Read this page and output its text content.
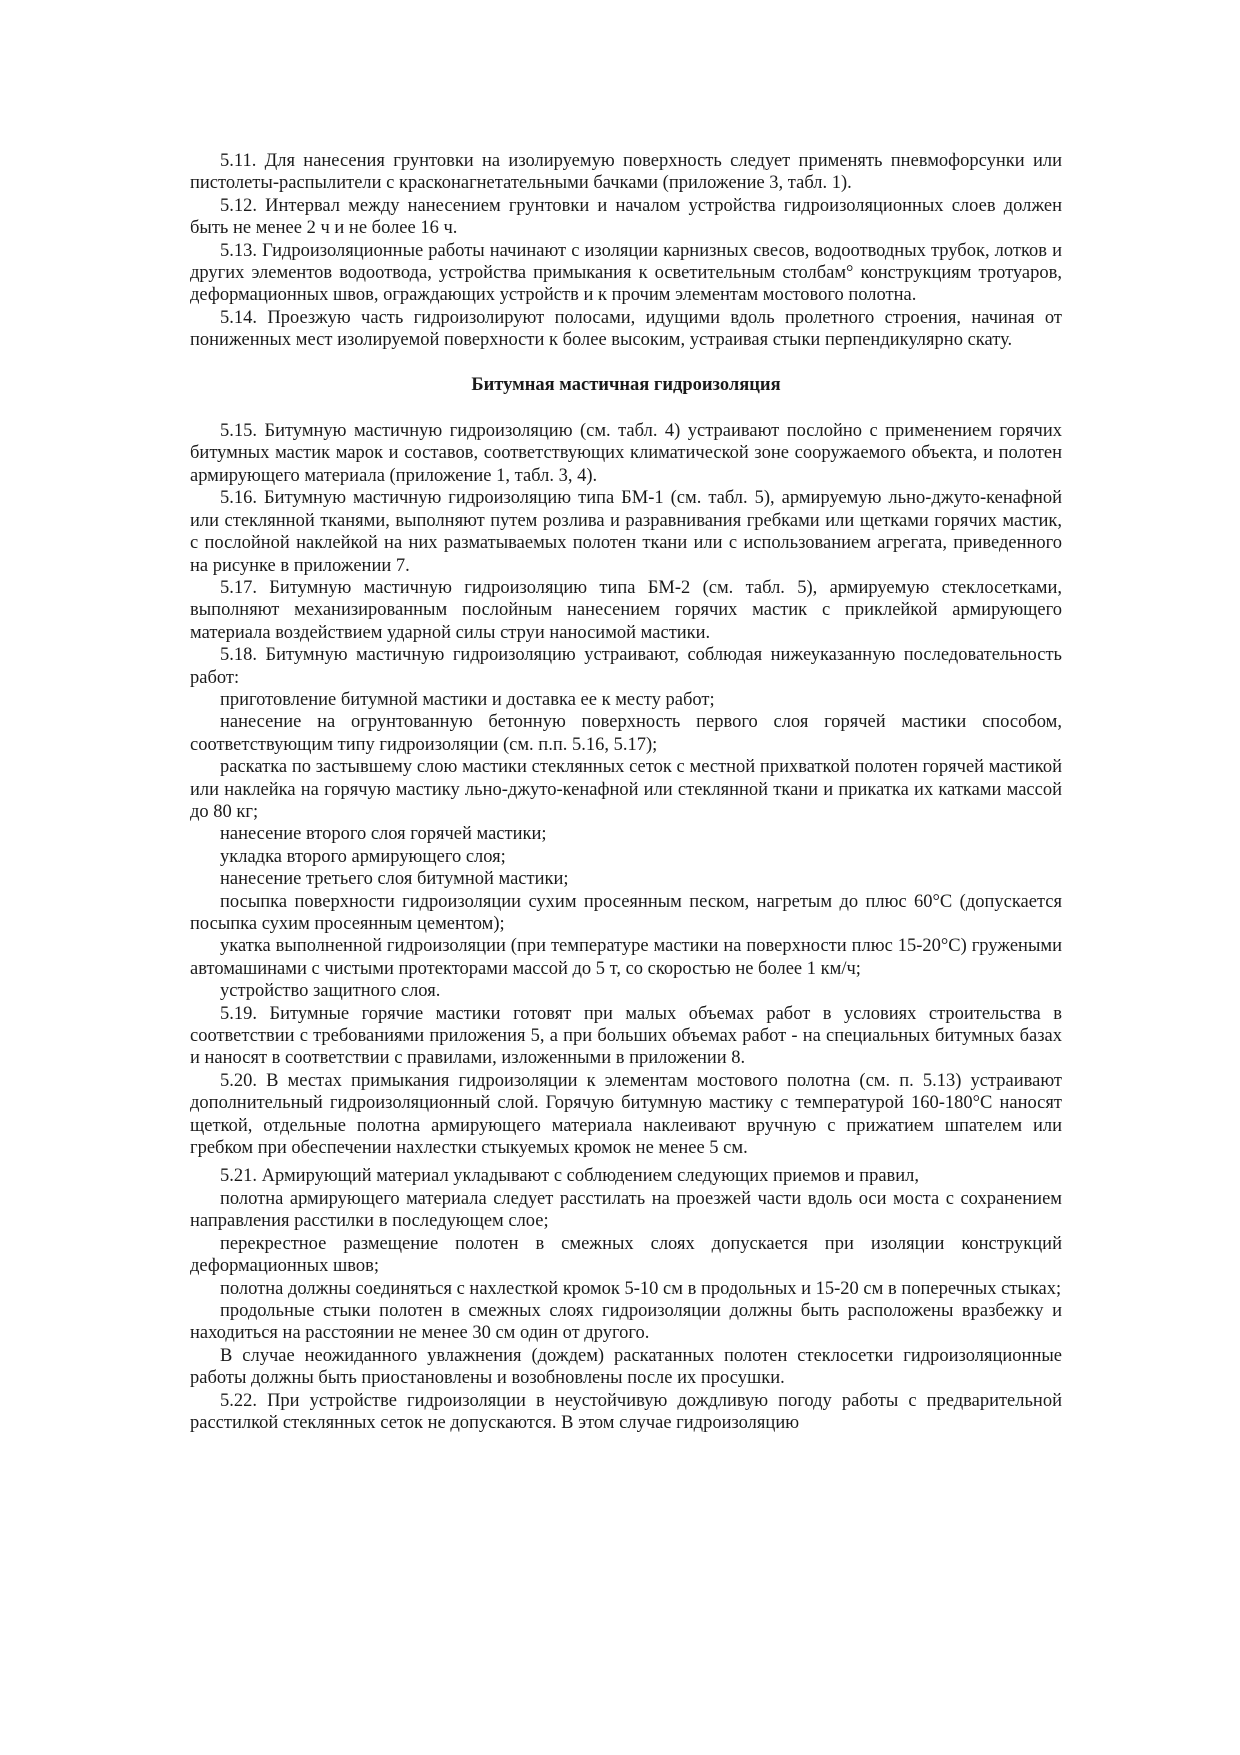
5.11. Для нанесения грунтовки на изолируемую поверхность следует применять пневмофорсунки или пистолеты-распылители с красконагнетательными бачками (приложение 3, табл. 1).

5.12. Интервал между нанесением грунтовки и началом устройства гидроизоляционных слоев должен быть не менее 2 ч и не более 16 ч.

5.13. Гидроизоляционные работы начинают с изоляции карнизных свесов, водоотводных трубок, лотков и других элементов водоотвода, устройства примыкания к осветительным столбам° конструкциям тротуаров, деформационных швов, ограждающих устройств и к прочим элементам мостового полотна.

5.14. Проезжую часть гидроизолируют полосами, идущими вдоль пролетного строения, начиная от пониженных мест изолируемой поверхности к более высоким, устраивая стыки перпендикулярно скату.

Битумная мастичная гидроизоляция

5.15. Битумную мастичную гидроизоляцию (см. табл. 4) устраивают послойно с применением горячих битумных мастик марок и составов, соответствующих климатической зоне сооружаемого объекта, и полотен армирующего материала (приложение 1, табл. 3, 4).

5.16. Битумную мастичную гидроизоляцию типа БМ-1 (см. табл. 5), армируемую льно-джуто-кенафной или стеклянной тканями, выполняют путем розлива и разравнивания гребками или щетками горячих мастик, с послойной наклейкой на них разматываемых полотен ткани или с использованием агрегата, приведенного на рисунке в приложении 7.

5.17. Битумную мастичную гидроизоляцию типа БМ-2 (см. табл. 5), армируемую стеклосетками, выполняют механизированным послойным нанесением горячих мастик с приклейкой армирующего материала воздействием ударной силы струи наносимой мастики.

5.18. Битумную мастичную гидроизоляцию устраивают, соблюдая нижеуказанную последовательность работ:

приготовление битумной мастики и доставка ее к месту работ;

нанесение на огрунтованную бетонную поверхность первого слоя горячей мастики способом, соответствующим типу гидроизоляции (см. п.п. 5.16, 5.17);

раскатка по застывшему слою мастики стеклянных сеток с местной прихваткой полотен горячей мастикой или наклейка на горячую мастику льно-джуто-кенафной или стеклянной ткани и прикатка их катками массой до 80 кг;

нанесение второго слоя горячей мастики;

укладка второго армирующего слоя;

нанесение третьего слоя битумной мастики;

посыпка поверхности гидроизоляции сухим просеянным песком, нагретым до плюс 60°С (допускается посыпка сухим просеянным цементом);

укатка выполненной гидроизоляции (при температуре мастики на поверхности плюс 15-20°С) гружеными автомашинами с чистыми протекторами массой до 5 т, со скоростью не более 1 км/ч;

устройство защитного слоя.

5.19. Битумные горячие мастики готовят при малых объемах работ в условиях строительства в соответствии с требованиями приложения 5, а при больших объемах работ - на специальных битумных базах и наносят в соответствии с правилами, изложенными в приложении 8.

5.20. В местах примыкания гидроизоляции к элементам мостового полотна (см. п. 5.13) устраивают дополнительный гидроизоляционный слой. Горячую битумную мастику с температурой 160-180°С наносят щеткой, отдельные полотна армирующего материала наклеивают вручную с прижатием шпателем или гребком при обеспечении нахлестки стыкуемых кромок не менее 5 см.

5.21. Армирующий материал укладывают с соблюдением следующих приемов и правил,

полотна армирующего материала следует расстилать на проезжей части вдоль оси моста с сохранением направления расстилки в последующем слое;

перекрестное размещение полотен в смежных слоях допускается при изоляции конструкций деформационных швов;

полотна должны соединяться с нахлесткой кромок 5-10 см в продольных и 15-20 см в поперечных стыках;

продольные стыки полотен в смежных слоях гидроизоляции должны быть расположены вразбежку и находиться на расстоянии не менее 30 см один от другого.

В случае неожиданного увлажнения (дождем) раскатанных полотен стеклосетки гидроизоляционные работы должны быть приостановлены и возобновлены после их просушки.

5.22. При устройстве гидроизоляции в неустойчивую дождливую погоду работы с предварительной расстилкой стеклянных сеток не допускаются. В этом случае гидроизоляцию
